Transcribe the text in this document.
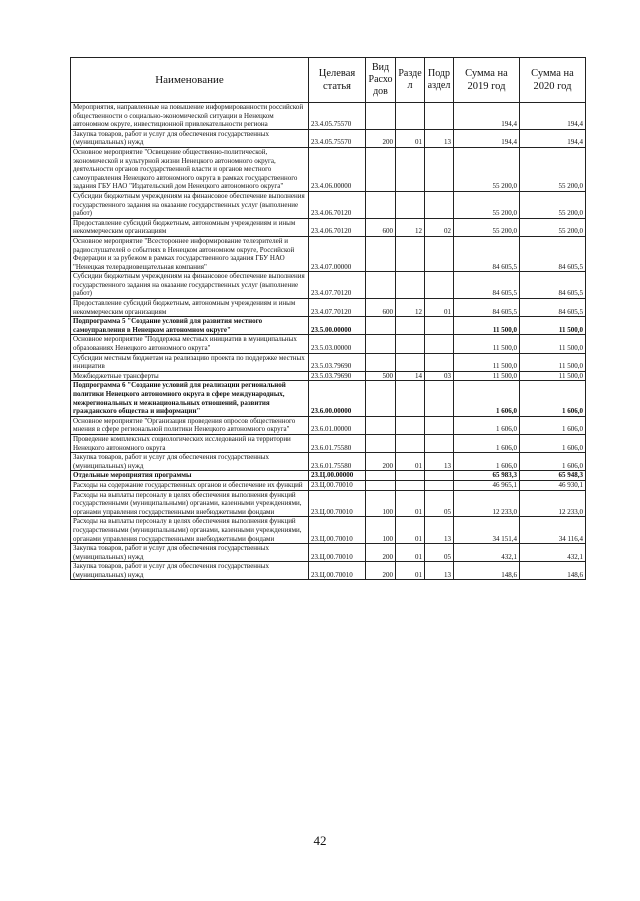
Наименование	Целевая статья	Вид Расхо дов	Разде л	Подр аздел	Сумма на 2019 год	Сумма на 2020 год
Мероприятия, направленные на повышение информированности российской общественности о социально-экономической ситуации в Ненецком автономном округе, инвестиционной привлекательности региона	23.4.05.75570				194,4	194,4
Закупка товаров, работ и услуг для обеспечения государственных (муниципальных) нужд	23.4.05.75570	200	01	13	194,4	194,4
Основное мероприятие "Освещение общественно-политической, экономической и культурной жизни Ненецкого автономного округа, деятельности органов государственной власти и органов местного самоуправления Ненецкого автономного округа в рамках государственного задания ГБУ НАО "Издательский дом Ненецкого автономного округа"	23.4.06.00000				55 200,0	55 200,0
Субсидии бюджетным учреждениям на финансовое обеспечение выполнения государственного задания на оказание государственных услуг (выполнение работ)	23.4.06.70120				55 200,0	55 200,0
Предоставление субсидий бюджетным, автономным учреждениям и иным некоммерческим организациям	23.4.06.70120	600	12	02	55 200,0	55 200,0
Основное мероприятие "Всестороннее информирование телезрителей и радиослушателей о событиях в Ненецком автономном округе, Российской Федерации и за рубежом в рамках государственного задания ГБУ НАО "Ненецкая телерадиовещательная компания"	23.4.07.00000				84 605,5	84 605,5
Субсидии бюджетным учреждениям на финансовое обеспечение выполнения государственного задания на оказание государственных услуг (выполнение работ)	23.4.07.70120				84 605,5	84 605,5
Предоставление субсидий бюджетным, автономным учреждениям и иным некоммерческим организациям	23.4.07.70120	600	12	01	84 605,5	84 605,5
Подпрограмма 5 "Создание условий для развития местного самоуправления в Ненецком автономном округе"	23.5.00.00000				11 500,0	11 500,0
Основное мероприятие "Поддержка местных инициатив в муниципальных образованиях Ненецкого автономного округа"	23.5.03.00000				11 500,0	11 500,0
Субсидии местным бюджетам на реализацию проекта по поддержке местных инициатив	23.5.03.79690				11 500,0	11 500,0
Межбюджетные трансферты	23.5.03.79690	500	14	03	11 500,0	11 500,0
Подпрограмма 6 "Создание условий для реализации региональной политики Ненецкого автономного округа в сфере международных, межрегиональных и межнациональных отношений, развития гражданского общества и информации"	23.6.00.00000				1 606,0	1 606,0
Основное мероприятие "Организация проведения опросов общественного мнения в сфере региональной политики Ненецкого автономного округа"	23.6.01.00000				1 606,0	1 606,0
Проведение комплексных социологических исследований на территории Ненецкого автономного округа	23.6.01.75580				1 606,0	1 606,0
Закупка товаров, работ и услуг для обеспечения государственных (муниципальных) нужд	23.6.01.75580	200	01	13	1 606,0	1 606,0
Отдельные мероприятия программы	23.Ц.00.00000				65 983,3	65 948,3
Расходы на содержание государственных органов и обеспечение их функций	23.Ц.00.70010				46 965,1	46 930,1
Расходы на выплаты персоналу в целях обеспечения выполнения функций государственными (муниципальными) органами, казенными учреждениями, органами управления государственными внебюджетными фондами	23.Ц.00.70010	100	01	05	12 233,0	12 233,0
Расходы на выплаты персоналу в целях обеспечения выполнения функций государственными (муниципальными) органами, казенными учреждениями, органами управления государственными внебюджетными фондами	23.Ц.00.70010	100	01	13	34 151,4	34 116,4
Закупка товаров, работ и услуг для обеспечения государственных (муниципальных) нужд	23.Ц.00.70010	200	01	05	432,1	432,1
Закупка товаров, работ и услуг для обеспечения государственных (муниципальных) нужд	23.Ц.00.70010	200	01	13	148,6	148,6
42
